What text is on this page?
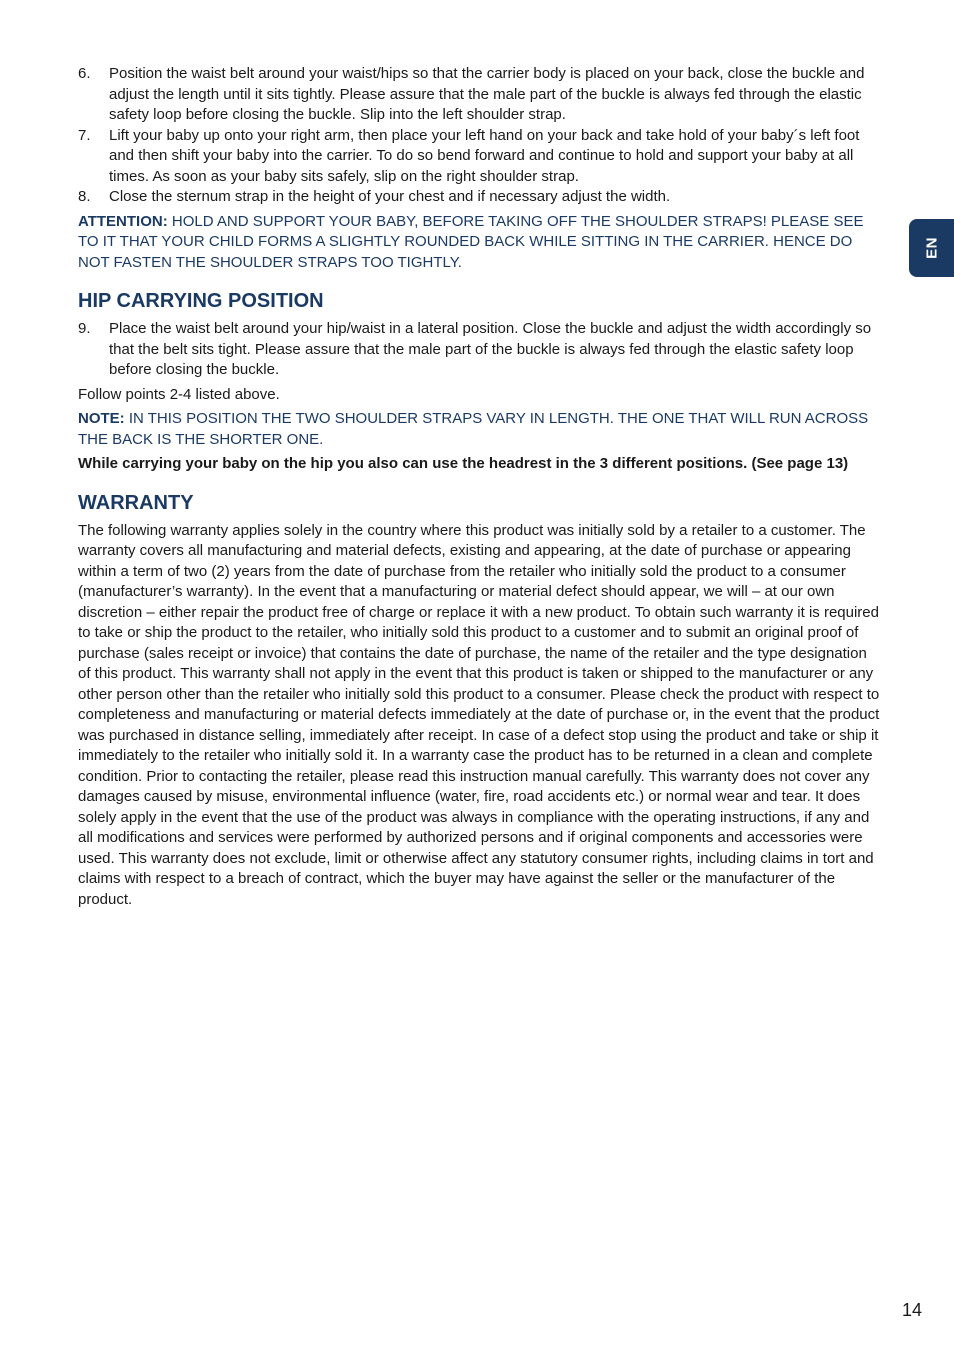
6.	Position the waist belt around your waist/hips so that the carrier body is placed on your back, close the buckle and adjust the length until it sits tightly. Please assure that the male part of the buckle is always fed through the elastic safety loop before closing the buckle. Slip into the left shoulder strap.
7.	Lift your baby up onto your right arm, then place your left hand on your back and take hold of your baby´s left foot and then shift your baby into the carrier. To do so bend forward and continue to hold and support your baby at all times. As soon as your baby sits safely, slip on the right shoulder strap.
8.	Close the sternum strap in the height of your chest and if necessary adjust the width.

ATTENTION: HOLD AND SUPPORT YOUR BABY, BEFORE TAKING OFF THE SHOULDER STRAPS! PLEASE SEE TO IT THAT YOUR CHILD FORMS A SLIGHTLY ROUNDED BACK WHILE SITTING IN THE CARRIER. HENCE DO NOT FASTEN THE SHOULDER STRAPS TOO TIGHTLY.

HIP CARRYING POSITION
9.	Place the waist belt around your hip/waist in a lateral position. Close the buckle and adjust the width accordingly so that the belt sits tight. Please assure that the male part of the buckle is always fed through the elastic safety loop before closing the buckle.

Follow points 2-4 listed above.

NOTE: IN THIS POSITION THE TWO SHOULDER STRAPS VARY IN LENGTH. THE ONE THAT WILL RUN ACROSS THE BACK IS THE SHORTER ONE.

While carrying your baby on the hip you also can use the headrest in the 3 different positions. (See page 13)

WARRANTY

The following warranty applies solely in the country where this product was initially sold by a retailer to a customer. The warranty covers all manufacturing and material defects, existing and appearing, at the date of purchase or appearing within a term of two (2) years from the date of purchase from the retailer who initially sold the product to a consumer (manufacturer’s warranty). In the event that a manufacturing or material defect should appear, we will – at our own discretion – either repair the product free of charge or replace it with a new product. To obtain such warranty it is required to take or ship the product to the retailer, who initially sold this product to a customer and to submit an original proof of purchase (sales receipt or invoice) that contains the date of purchase, the name of the retailer and the type designation of this product. This warranty shall not apply in the event that this product is taken or shipped to the manufacturer or any other person other than the retailer who initially sold this product to a consumer. Please check the product with respect to completeness and manufacturing or material defects immediately at the date of purchase or, in the event that the product was purchased in distance selling, immediately after receipt. In case of a defect stop using the product and take or ship it immediately to the retailer who initially sold it. In a warranty case the product has to be returned in a clean and complete condition. Prior to contacting the retailer, please read this instruction manual carefully. This warranty does not cover any damages caused by misuse, environmental influence (water, fire, road accidents etc.) or normal wear and tear. It does solely apply in the event that the use of the product was always in compliance with the operating instructions, if any and all modifications and services were performed by authorized persons and if original components and accessories were used. This warranty does not exclude, limit or otherwise affect any statutory consumer rights, including claims in tort and claims with respect to a breach of contract, which the buyer may have against the seller or the manufacturer of the product.

EN
14
